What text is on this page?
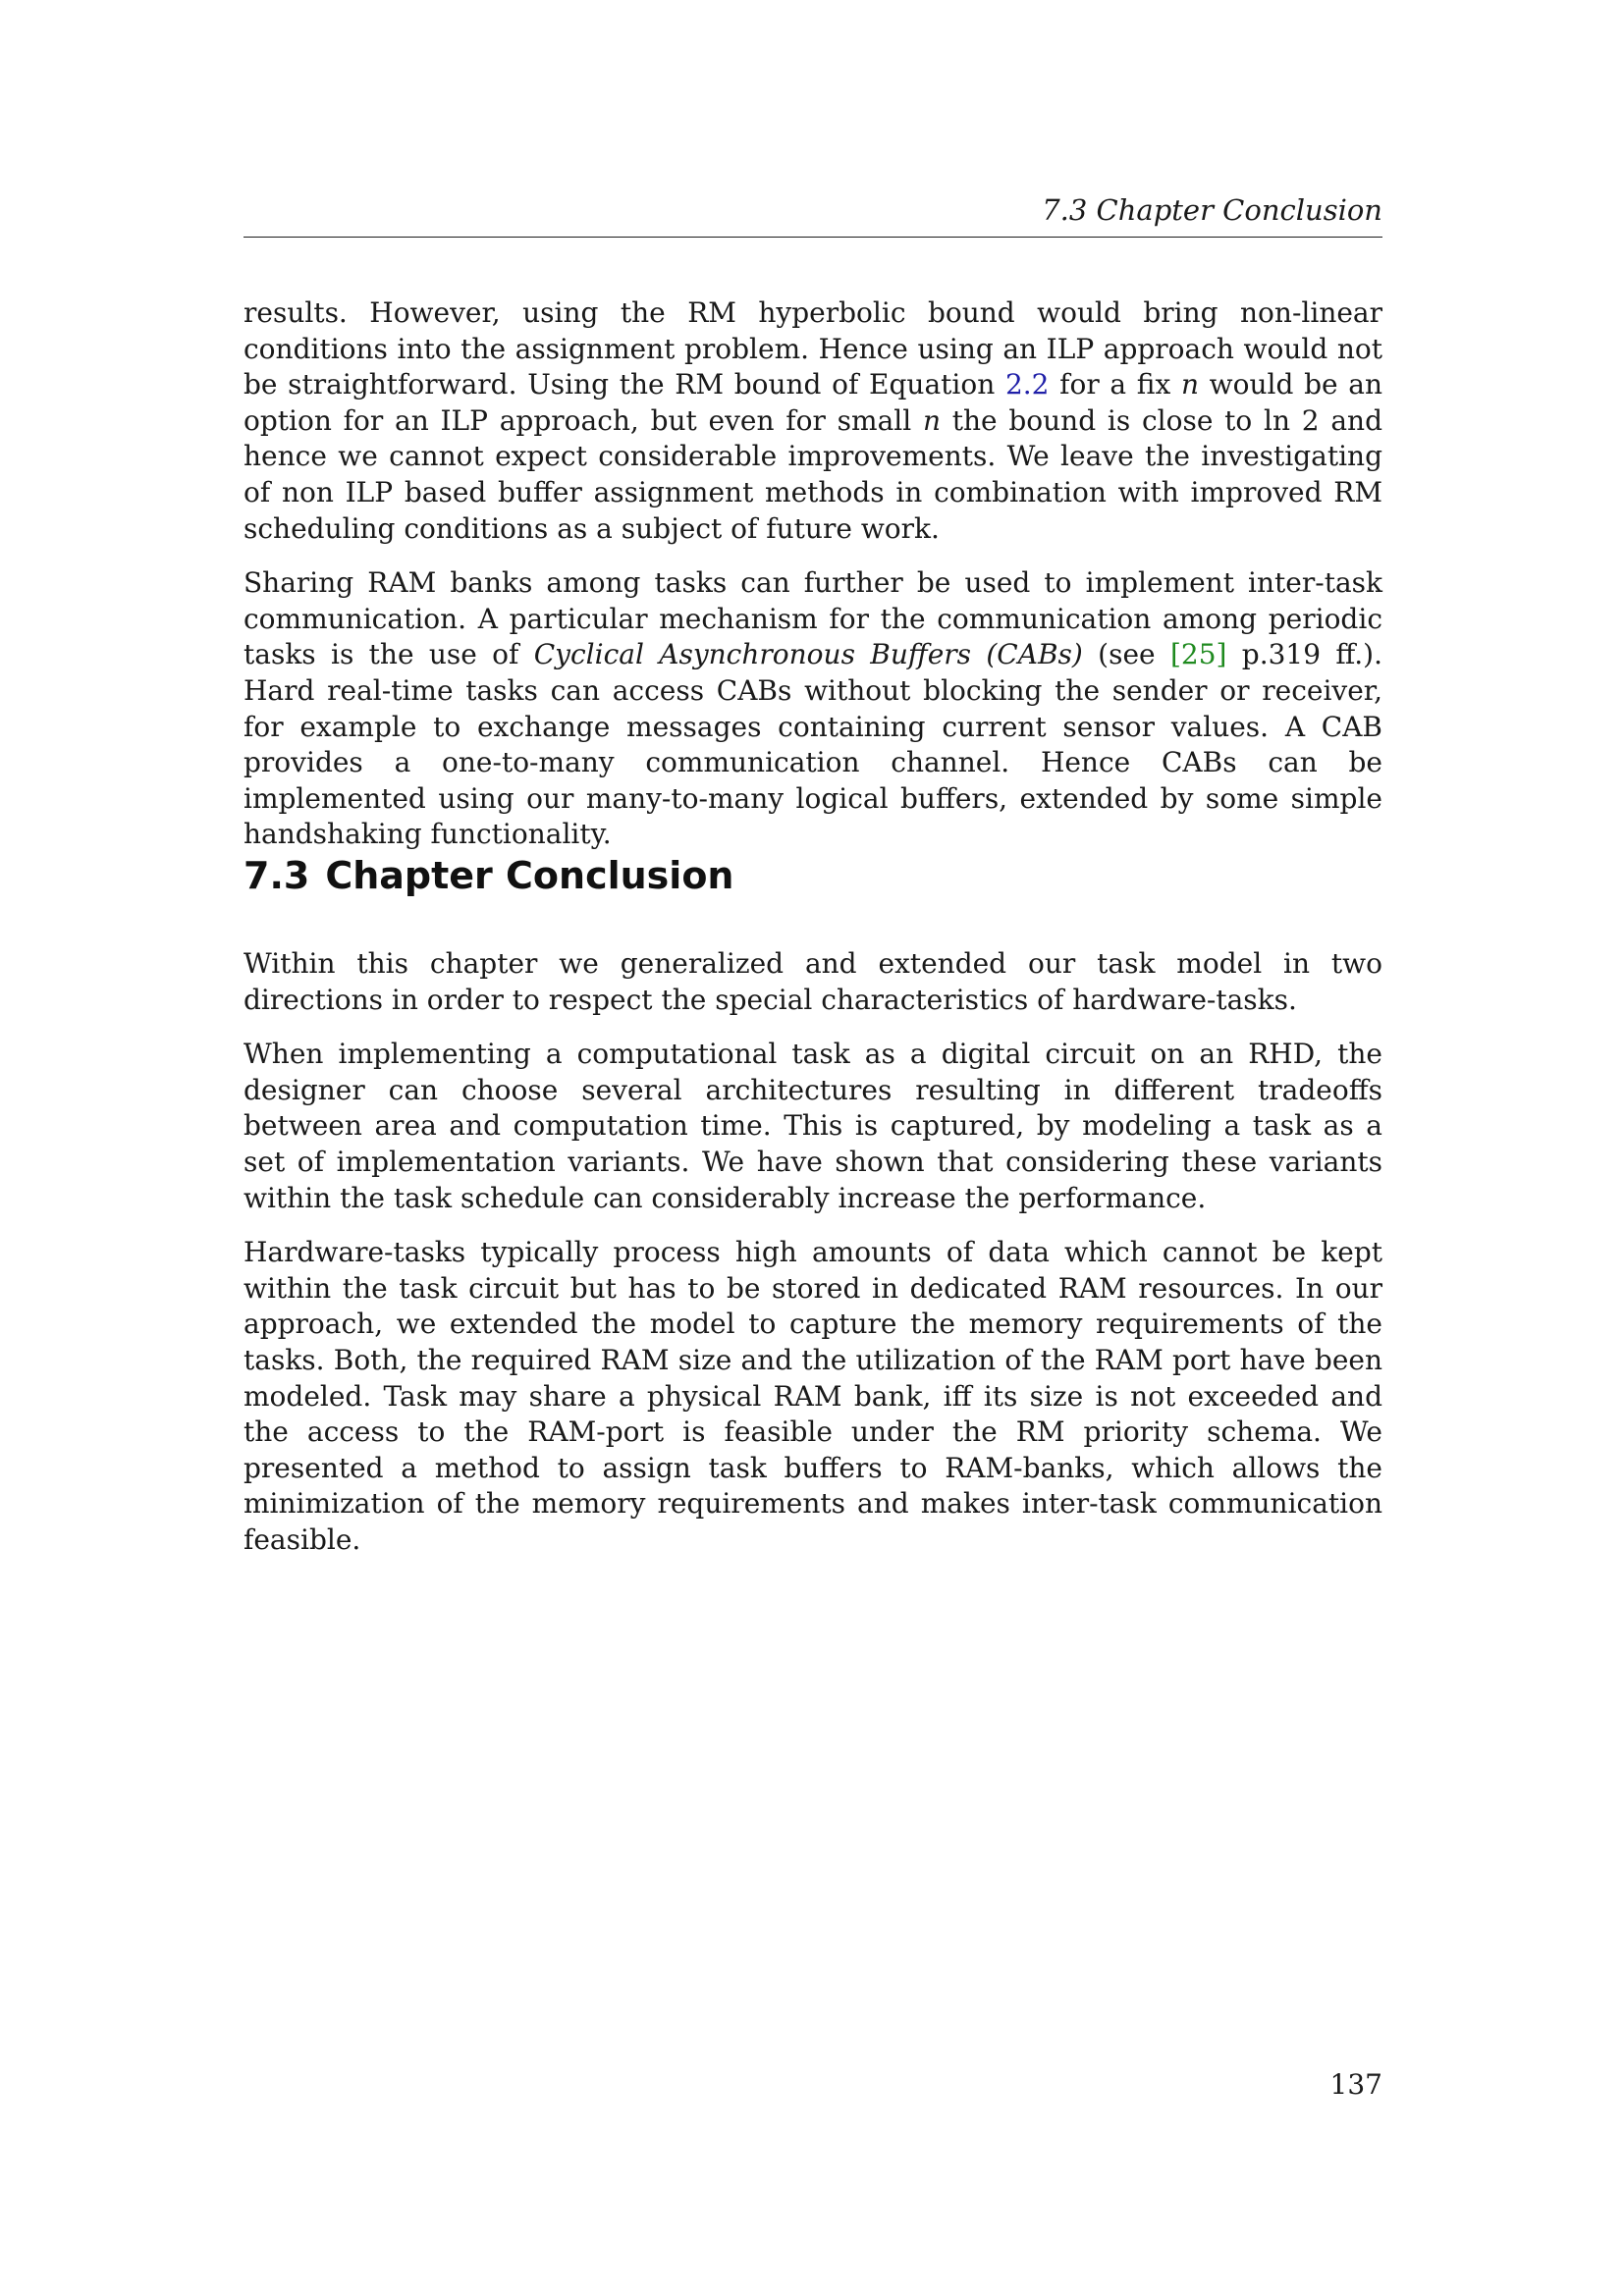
7.3 Chapter Conclusion

results. However, using the RM hyperbolic bound would bring non-linear conditions into the assignment problem. Hence using an ILP approach would not be straightforward. Using the RM bound of Equation 2.2 for a fix n would be an option for an ILP approach, but even for small n the bound is close to ln 2 and hence we cannot expect considerable improvements. We leave the investigating of non ILP based buffer assignment methods in combination with improved RM scheduling conditions as a subject of future work.

Sharing RAM banks among tasks can further be used to implement inter-task communication. A particular mechanism for the communication among periodic tasks is the use of Cyclical Asynchronous Buffers (CABs) (see [25] p.319 ff.). Hard real-time tasks can access CABs without blocking the sender or receiver, for example to exchange messages containing current sensor values. A CAB provides a one-to-many communication channel. Hence CABs can be implemented using our many-to-many logical buffers, extended by some simple handshaking functionality.

7.3 Chapter Conclusion

Within this chapter we generalized and extended our task model in two directions in order to respect the special characteristics of hardware-tasks.

When implementing a computational task as a digital circuit on an RHD, the designer can choose several architectures resulting in different tradeoffs between area and computation time. This is captured, by modeling a task as a set of implementation variants. We have shown that considering these variants within the task schedule can considerably increase the performance.

Hardware-tasks typically process high amounts of data which cannot be kept within the task circuit but has to be stored in dedicated RAM resources. In our approach, we extended the model to capture the memory requirements of the tasks. Both, the required RAM size and the utilization of the RAM port have been modeled. Task may share a physical RAM bank, iff its size is not exceeded and the access to the RAM-port is feasible under the RM priority schema. We presented a method to assign task buffers to RAM-banks, which allows the minimization of the memory requirements and makes inter-task communication feasible.

137
